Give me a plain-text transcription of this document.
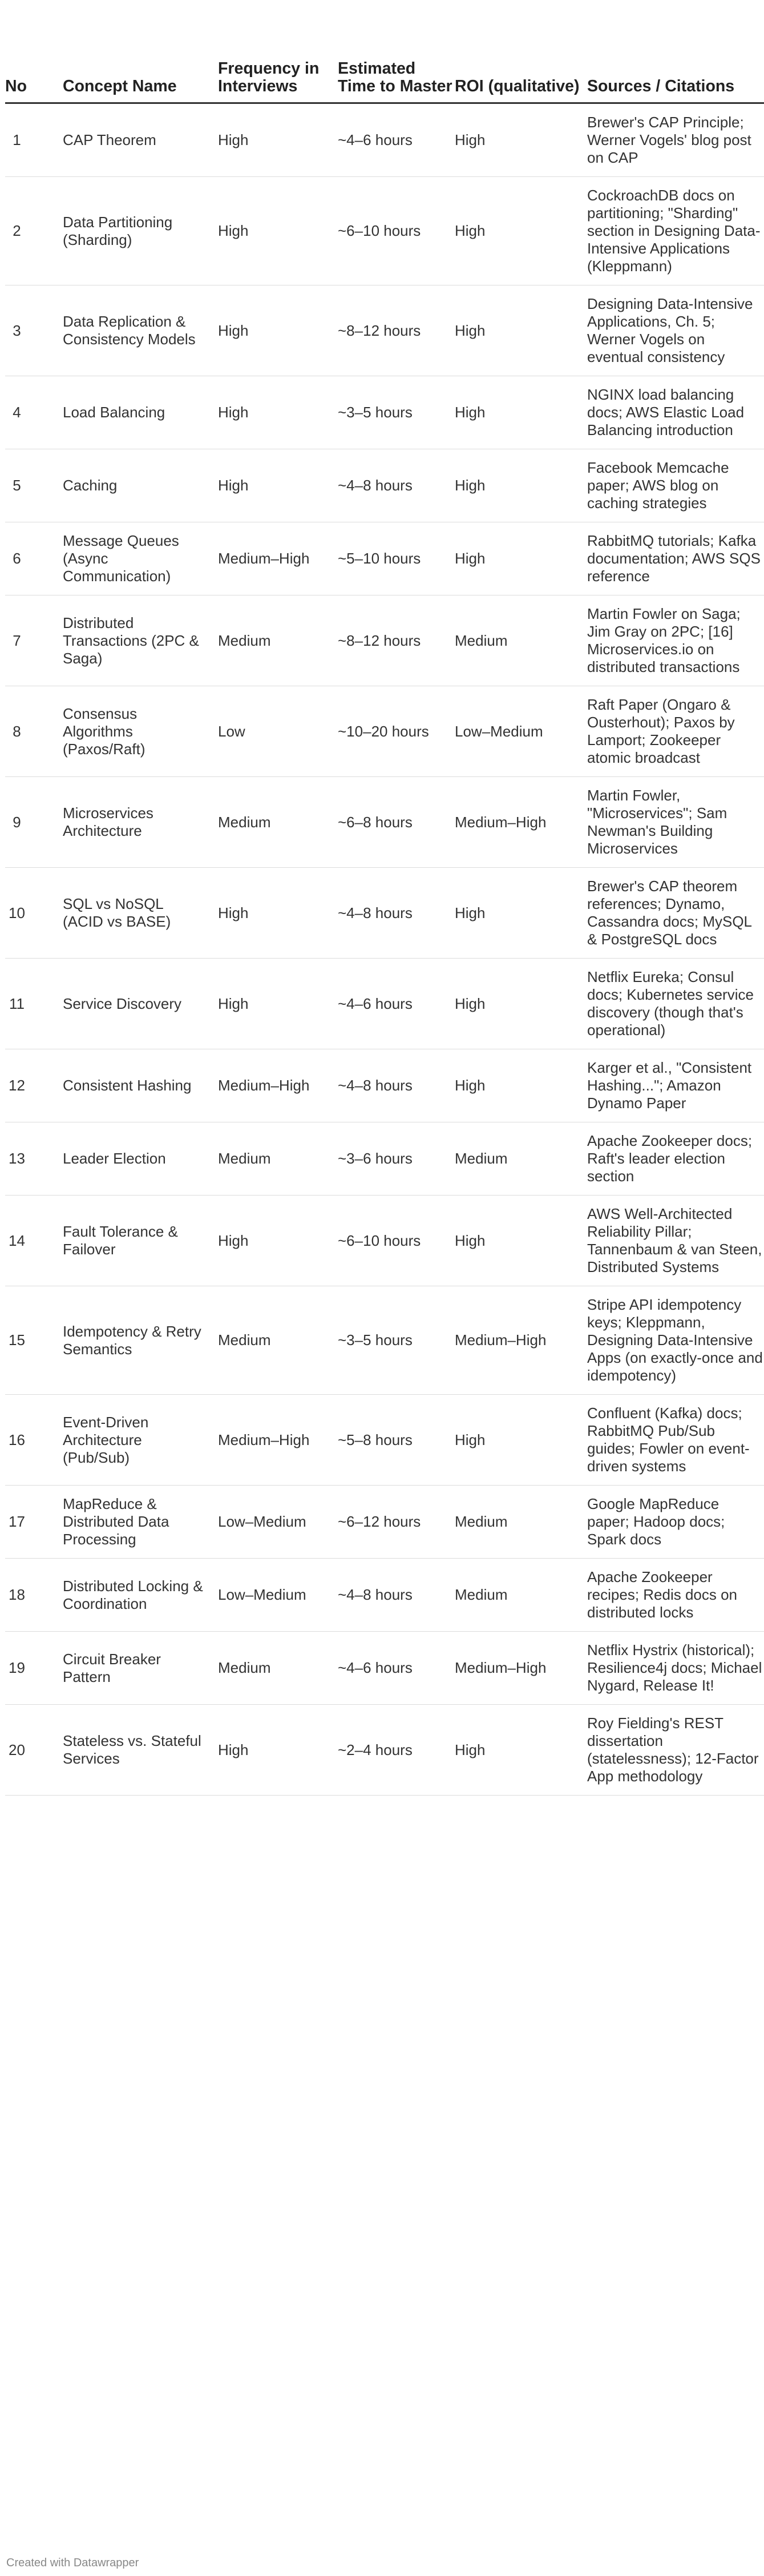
No	Concept Name	Frequency in Interviews	Estimated Time to Master	ROI (qualitative)	Sources / Citations
1	CAP Theorem	High	~4–6 hours	High	Brewer's CAP Principle; Werner Vogels' blog post on CAP
2	Data Partitioning (Sharding)	High	~6–10 hours	High	CockroachDB docs on partitioning; "Sharding" section in Designing Data-Intensive Applications (Kleppmann)
3	Data Replication & Consistency Models	High	~8–12 hours	High	Designing Data-Intensive Applications, Ch. 5; Werner Vogels on eventual consistency
4	Load Balancing	High	~3–5 hours	High	NGINX load balancing docs; AWS Elastic Load Balancing introduction
5	Caching	High	~4–8 hours	High	Facebook Memcache paper; AWS blog on caching strategies
6	Message Queues (Async Communication)	Medium–High	~5–10 hours	High	RabbitMQ tutorials; Kafka documentation; AWS SQS reference
7	Distributed Transactions (2PC & Saga)	Medium	~8–12 hours	Medium	Martin Fowler on Saga; Jim Gray on 2PC; [16] Microservices.io on distributed transactions
8	Consensus Algorithms (Paxos/Raft)	Low	~10–20 hours	Low–Medium	Raft Paper (Ongaro & Ousterhout); Paxos by Lamport; Zookeeper atomic broadcast
9	Microservices Architecture	Medium	~6–8 hours	Medium–High	Martin Fowler, "Microservices"; Sam Newman's Building Microservices
10	SQL vs NoSQL (ACID vs BASE)	High	~4–8 hours	High	Brewer's CAP theorem references; Dynamo, Cassandra docs; MySQL & PostgreSQL docs
11	Service Discovery	High	~4–6 hours	High	Netflix Eureka; Consul docs; Kubernetes service discovery (though that's operational)
12	Consistent Hashing	Medium–High	~4–8 hours	High	Karger et al., "Consistent Hashing..."; Amazon Dynamo Paper
13	Leader Election	Medium	~3–6 hours	Medium	Apache Zookeeper docs; Raft's leader election section
14	Fault Tolerance & Failover	High	~6–10 hours	High	AWS Well-Architected Reliability Pillar; Tannenbaum & van Steen, Distributed Systems
15	Idempotency & Retry Semantics	Medium	~3–5 hours	Medium–High	Stripe API idempotency keys; Kleppmann, Designing Data-Intensive Apps (on exactly-once and idempotency)
16	Event-Driven Architecture (Pub/Sub)	Medium–High	~5–8 hours	High	Confluent (Kafka) docs; RabbitMQ Pub/Sub guides; Fowler on event-driven systems
17	MapReduce & Distributed Data Processing	Low–Medium	~6–12 hours	Medium	Google MapReduce paper; Hadoop docs; Spark docs
18	Distributed Locking & Coordination	Low–Medium	~4–8 hours	Medium	Apache Zookeeper recipes; Redis docs on distributed locks
19	Circuit Breaker Pattern	Medium	~4–6 hours	Medium–High	Netflix Hystrix (historical); Resilience4j docs; Michael Nygard, Release It!
20	Stateless vs. Stateful Services	High	~2–4 hours	High	Roy Fielding's REST dissertation (statelessness); 12-Factor App methodology
Created with Datawrapper
